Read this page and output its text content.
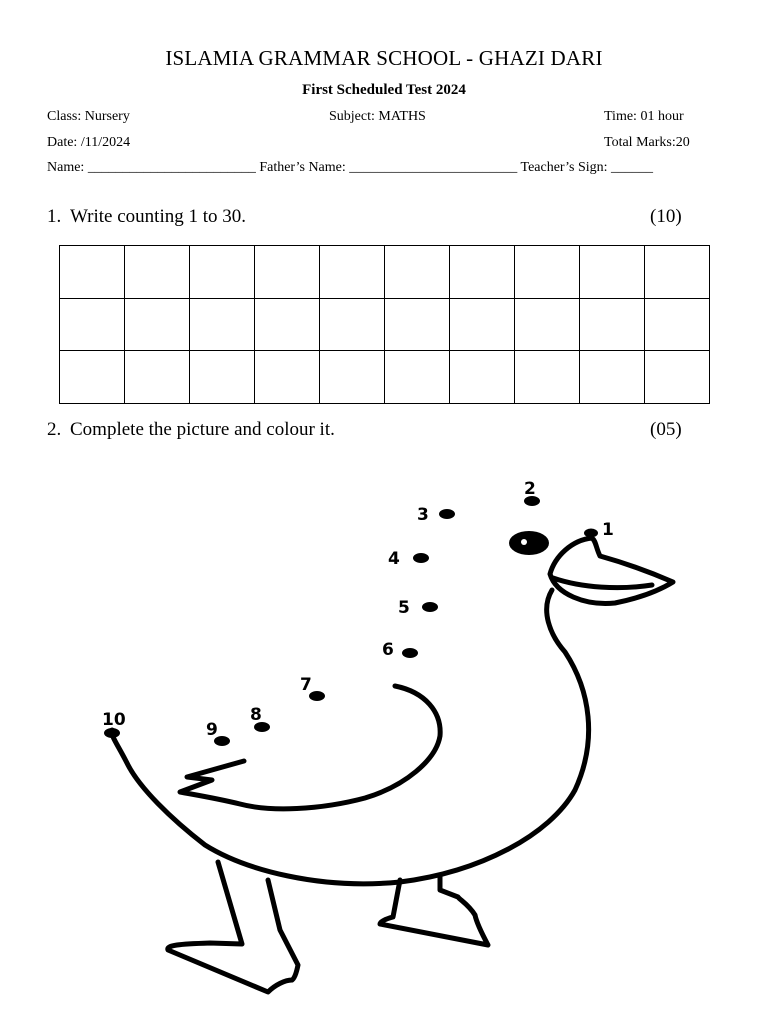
ISLAMIA GRAMMAR SCHOOL - GHAZI DARI
First Scheduled Test 2024
Class: Nursery	Subject: MATHS	Time: 01 hour
Date: /11/2024	Total Marks:20
Name: ________________________ Father’s Name: ________________________ Teacher’s Sign: ______
1. Write counting 1 to 30.	(10)

2. Complete the picture and colour it.	(05)
1
2
3
4
5
6
7
8
9
10
